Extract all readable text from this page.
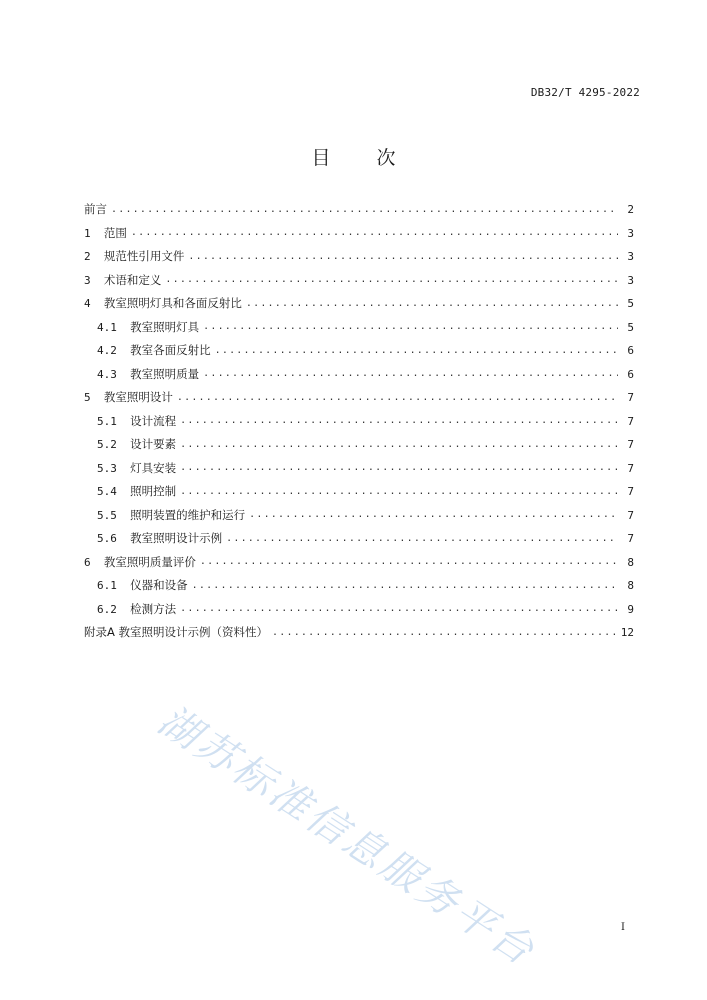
DB32/T 4295-2022
目 次
前言 .....	2
1 范围 .....	3
2 规范性引用文件 .....	3
3 术语和定义 .....	3
4 教室照明灯具和各面反射比 .....	5
4.1 教室照明灯具 .....	5
4.2 教室各面反射比 .....	6
4.3 教室照明质量 .....	6
5 教室照明设计 .....	7
5.1 设计流程 .....	7
5.2 设计要素 .....	7
5.3 灯具安装 .....	7
5.4 照明控制 .....	7
5.5 照明装置的维护和运行 .....	7
5.6 教室照明设计示例 .....	7
6 教室照明质量评价 .....	8
6.1 仪器和设备 .....	8
6.2 检测方法 .....	9
附录A 教室照明设计示例（资料性） .....	12
I
湖苏标准信息服务平台
